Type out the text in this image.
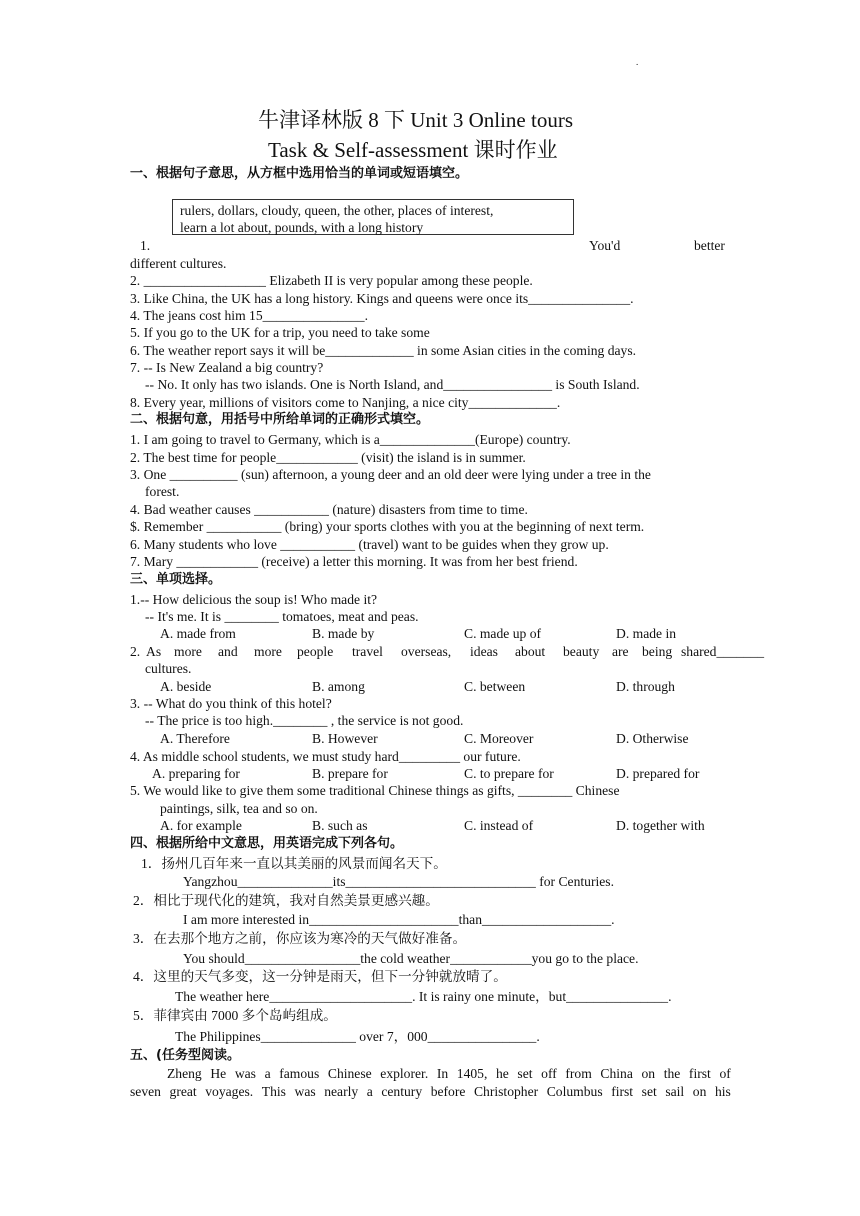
.
牛津译林版 8 下 Unit 3 Online tours
Task & Self-assessment 课时作业
一、根据句子意思，从方框中选用恰当的单词或短语填空。
rulers, dollars, cloudy, queen, the other, places of interest,
learn a lot about, pounds, with a long history
1.	You'd	better
different cultures.
2. __________________ Elizabeth II is very popular among these people.
3. Like China, the UK has a long history. Kings and queens were once its_______________.
4. The jeans cost him 15_______________.
5. If you go to the UK for a trip, you need to take some
6. The weather report says it will be_____________ in some Asian cities in the coming days.
7. -- Is New Zealand a big country?
-- No. It only has two islands. One is North Island, and________________ is South Island.
8. Every year, millions of visitors come to Nanjing, a nice city_____________.
二、根据句意，用括号中所给单词的正确形式填空。
1. I am going to travel to Germany, which is a______________(Europe) country.
2. The best time for people____________ (visit) the island is in summer.
3. One __________ (sun) afternoon, a young deer and an old deer were lying under a tree in the
forest.
4. Bad weather causes ___________ (nature) disasters from time to time.
$. Remember ___________ (bring) your sports clothes with you at the beginning of next term.
6. Many students who love ___________ (travel) want to be guides when they grow up.
7. Mary ____________ (receive) a letter this morning. It was from her best friend.
三、单项选择。
1.-- How delicious the soup is! Who made it?
-- It's me. It is ________ tomatoes, meat and peas.
A. made from	B. made by	C. made up of	D. made in
2. As more and more people travel overseas, ideas about beauty are being shared_______
cultures.
A. beside	B. among	C. between	D. through
3. -- What do you think of this hotel?
-- The price is too high.________ , the service is not good.
A. Therefore	B. However	C. Moreover	D. Otherwise
4. As middle school students, we must study hard_________ our future.
A. preparing for	B. prepare for	C. to prepare for	D. prepared for
5. We would like to give them some traditional Chinese things as gifts, ________ Chinese
paintings, silk, tea and so on.
A. for example	B. such as	C. instead of	D. together with
四、根据所给中文意思，用英语完成下列各句。
1．扬州几百年来一直以其美丽的风景而闻名天下。
Yangzhou______________its____________________________ for Centuries.
2．相比于现代化的建筑，我对自然美景更感兴趣。
I am more interested in______________________than___________________.
3．在去那个地方之前，你应该为寒冷的天气做好准备。
You should_________________the cold weather____________you go to the place.
4．这里的天气多变，这一分钟是雨天，但下一分钟就放晴了。
The weather here_____________________. It is rainy one minute，but_______________.
5．菲律宾由 7000 多个岛屿组成。
The Philippines______________ over 7，000________________.
五、(任务型阅读。
Zheng He was a famous Chinese explorer. In 1405, he set off from China on the first of
seven great voyages. This was nearly a century before Christopher Columbus first set sail on his
